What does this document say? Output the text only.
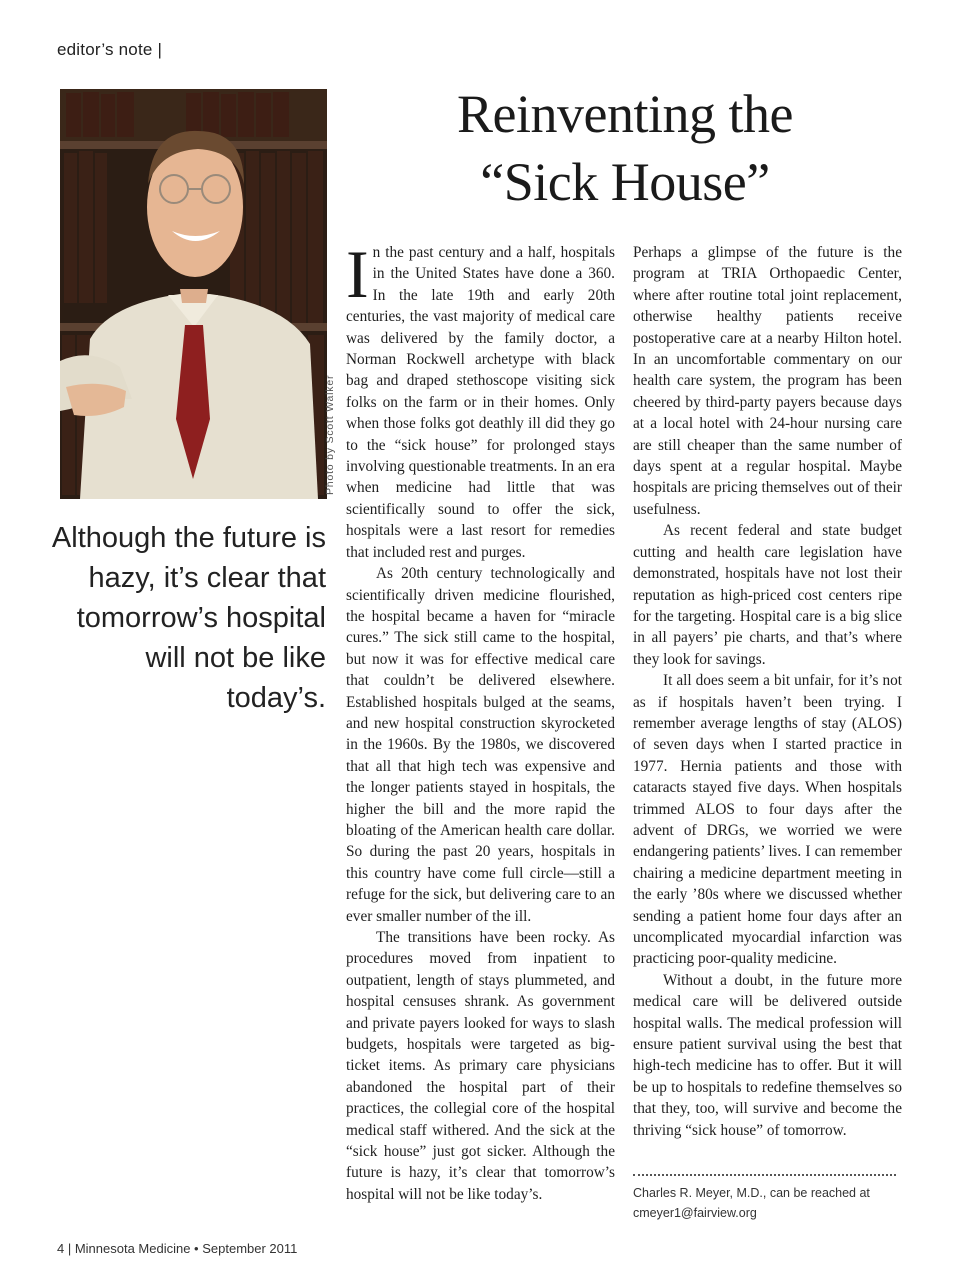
editor’s note |
Photo by Scott Walker

Although the future is hazy, it’s clear that tomorrow’s hospital will not be like today’s.

Reinventing the
“Sick House”

In the past century and a half, hospitals in the United States have done a 360. In the late 19th and early 20th centuries, the vast majority of medical care was delivered by the family doctor, a Norman Rockwell archetype with black bag and draped stethoscope visiting sick folks on the farm or in their homes. Only when those folks got deathly ill did they go to the “sick house” for prolonged stays involving questionable treatments. In an era when medicine had little that was scientifically sound to offer the sick, hospitals were a last resort for remedies that included rest and purges.

As 20th century technologically and scientifically driven medicine flourished, the hospital became a haven for “miracle cures.” The sick still came to the hospital, but now it was for effective medical care that couldn’t be delivered elsewhere. Established hospitals bulged at the seams, and new hospital construction skyrocketed in the 1960s. By the 1980s, we discovered that all that high tech was expensive and the longer patients stayed in hospitals, the higher the bill and the more rapid the bloating of the American health care dollar. So during the past 20 years, hospitals in this country have come full circle—still a refuge for the sick, but delivering care to an ever smaller number of the ill.

The transitions have been rocky. As procedures moved from inpatient to outpatient, length of stays plummeted, and hospital censuses shrank. As government and private payers looked for ways to slash budgets, hospitals were targeted as big-ticket items. As primary care physicians abandoned the hospital part of their practices, the collegial core of the hospital medical staff withered. And the sick at the “sick house” just got sicker. Although the future is hazy, it’s clear that tomorrow’s hospital will not be like today’s.

Perhaps a glimpse of the future is the program at TRIA Orthopaedic Center, where after routine total joint replacement, otherwise healthy patients receive postoperative care at a nearby Hilton hotel. In an uncomfortable commentary on our health care system, the program has been cheered by third-party payers because days at a local hotel with 24-hour nursing care are still cheaper than the same number of days spent at a regular hospital. Maybe hospitals are pricing themselves out of their usefulness.

As recent federal and state budget cutting and health care legislation have demonstrated, hospitals have not lost their reputation as high-priced cost centers ripe for the targeting. Hospital care is a big slice in all payers’ pie charts, and that’s where they look for savings.

It all does seem a bit unfair, for it’s not as if hospitals haven’t been trying. I remember average lengths of stay (ALOS) of seven days when I started practice in 1977. Hernia patients and those with cataracts stayed five days. When hospitals trimmed ALOS to four days after the advent of DRGs, we worried we were endangering patients’ lives. I can remember chairing a medicine department meeting in the early ’80s where we discussed whether sending a patient home four days after an uncomplicated myocardial infarction was practicing poor-quality medicine.

Without a doubt, in the future more medical care will be delivered outside hospital walls. The medical profession will ensure patient survival using the best that high-tech medicine has to offer. But it will be up to hospitals to redefine themselves so that they, too, will survive and become the thriving “sick house” of tomorrow.

Charles R. Meyer, M.D., can be reached at cmeyer1@fairview.org

4 | Minnesota Medicine • September 2011
